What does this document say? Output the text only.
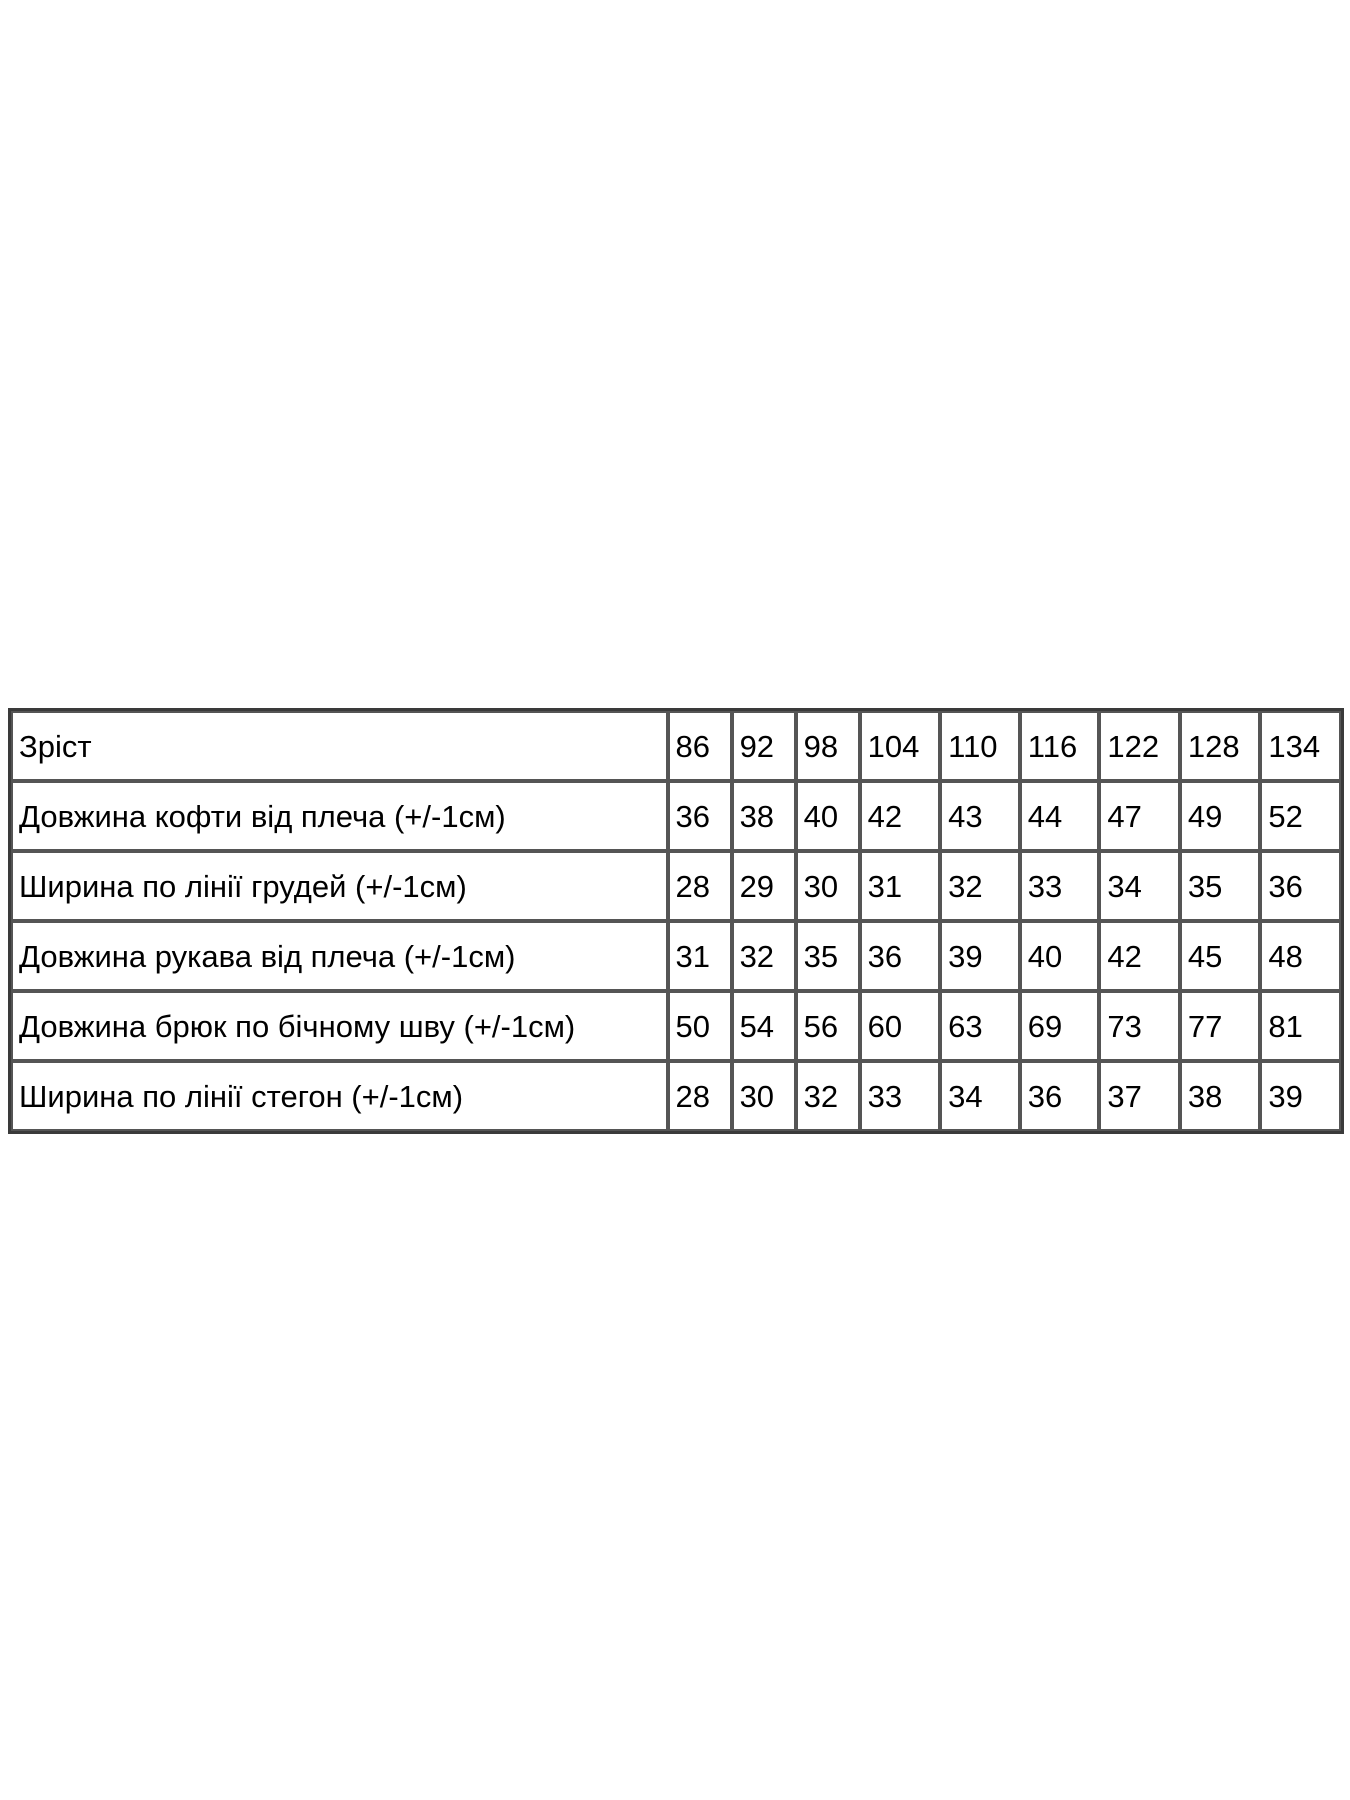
Зріст	86	92	98	104	110	116	122	128	134
Довжина кофти від плеча (+/-1см)	36	38	40	42	43	44	47	49	52
Ширина по лінії грудей (+/-1см)	28	29	30	31	32	33	34	35	36
Довжина рукава від плеча (+/-1см)	31	32	35	36	39	40	42	45	48
Довжина брюк по бічному шву (+/-1см)	50	54	56	60	63	69	73	77	81
Ширина по лінії стегон (+/-1см)	28	30	32	33	34	36	37	38	39
